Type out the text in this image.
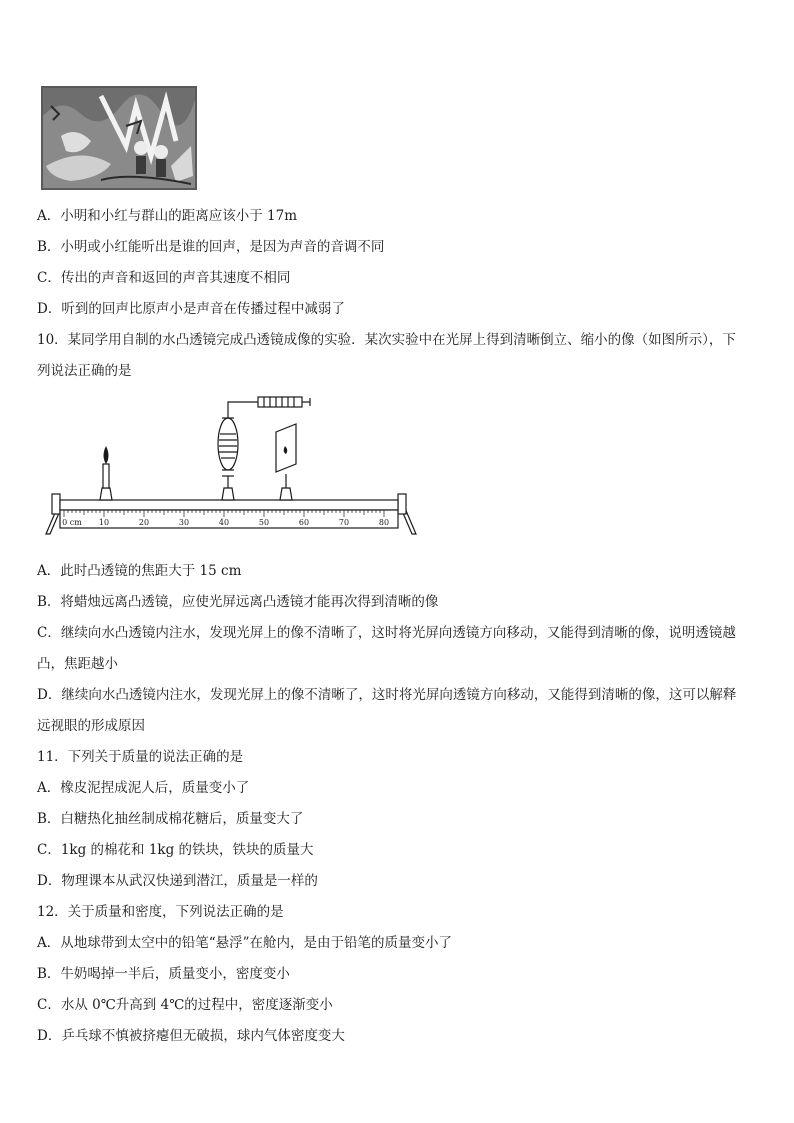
A．小明和小红与群山的距离应该小于 17m
B．小明或小红能听出是谁的回声，是因为声音的音调不同
C．传出的声音和返回的声音其速度不相同
D．听到的回声比原声小是声音在传播过程中减弱了
10．某同学用自制的水凸透镜完成凸透镜成像的实验．某次实验中在光屏上得到清晰倒立、缩小的像（如图所示），下
列说法正确的是
0 cm 10	20	30	40	50	60	70	80
A．此时凸透镜的焦距大于 15 cm
B．将蜡烛远离凸透镜，应使光屏远离凸透镜才能再次得到清晰的像
C．继续向水凸透镜内注水，发现光屏上的像不清晰了，这时将光屏向透镜方向移动，又能得到清晰的像，说明透镜越
凸，焦距越小
D．继续向水凸透镜内注水，发现光屏上的像不清晰了，这时将光屏向透镜方向移动，又能得到清晰的像，这可以解释
远视眼的形成原因
11．下列关于质量的说法正确的是
A．橡皮泥捏成泥人后，质量变小了
B．白糖热化抽丝制成棉花糖后，质量变大了
C．1kg 的棉花和 1kg 的铁块，铁块的质量大
D．物理课本从武汉快递到潜江，质量是一样的
12．关于质量和密度，下列说法正确的是
A．从地球带到太空中的铅笔“悬浮”在舱内，是由于铅笔的质量变小了
B．牛奶喝掉一半后，质量变小，密度变小
C．水从 0℃升高到 4℃的过程中，密度逐渐变小
D．乒乓球不慎被挤瘪但无破损，球内气体密度变大
